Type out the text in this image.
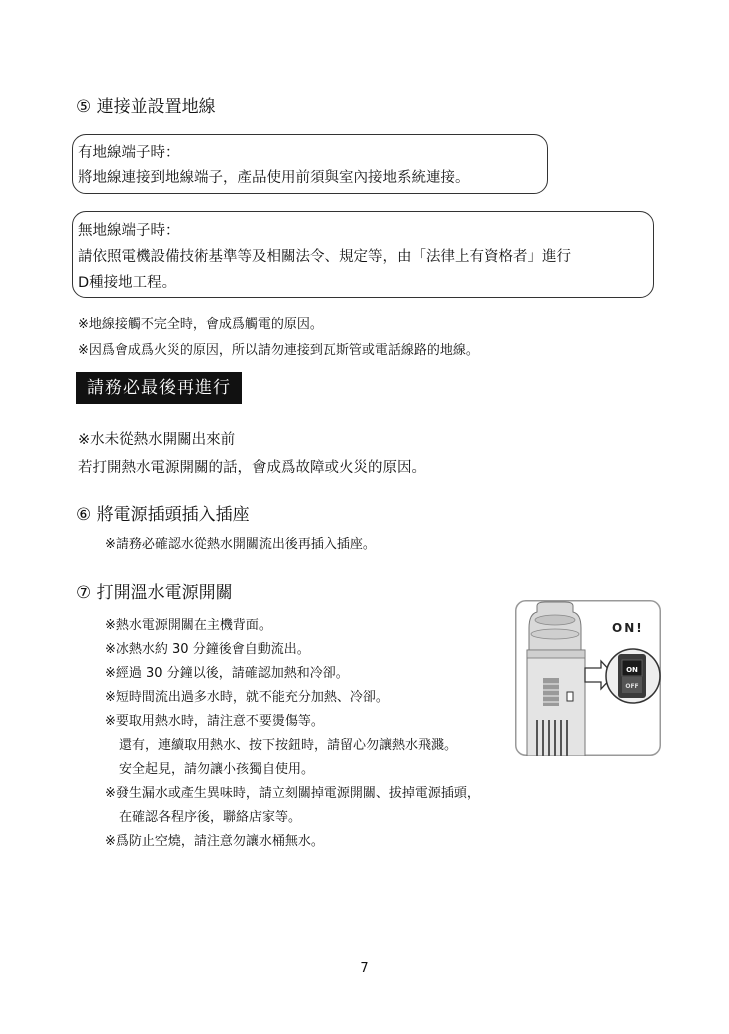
⑤ 連接並設置地線
有地線端子時：
將地線連接到地線端子，產品使用前須與室內接地系統連接。
無地線端子時：
請依照電機設備技術基準等及相關法令、規定等，由「法律上有資格者」進行
D種接地工程。
※地線接觸不完全時，會成爲觸電的原因。
※因爲會成爲火災的原因，所以請勿連接到瓦斯管或電話線路的地線。
請務必最後再進行
※水未從熱水開關出來前
若打開熱水電源開關的話，會成爲故障或火災的原因。
⑥ 將電源插頭插入插座
※請務必確認水從熱水開關流出後再插入插座。
⑦ 打開溫水電源開關
※熱水電源開關在主機背面。
※冰熱水約 30 分鐘後會自動流出。
※經過 30 分鐘以後，請確認加熱和冷卻。
※短時間流出過多水時，就不能充分加熱、冷卻。
※要取用熱水時，請注意不要燙傷等。
還有，連續取用熱水、按下按鈕時，請留心勿讓熱水飛濺。
安全起見，請勿讓小孩獨自使用。
※發生漏水或產生異味時，請立刻關掉電源開關、拔掉電源插頭，
在確認各程序後，聯絡店家等。
※爲防止空燒，請注意勿讓水桶無水。
ON
OFF
ON!
7
